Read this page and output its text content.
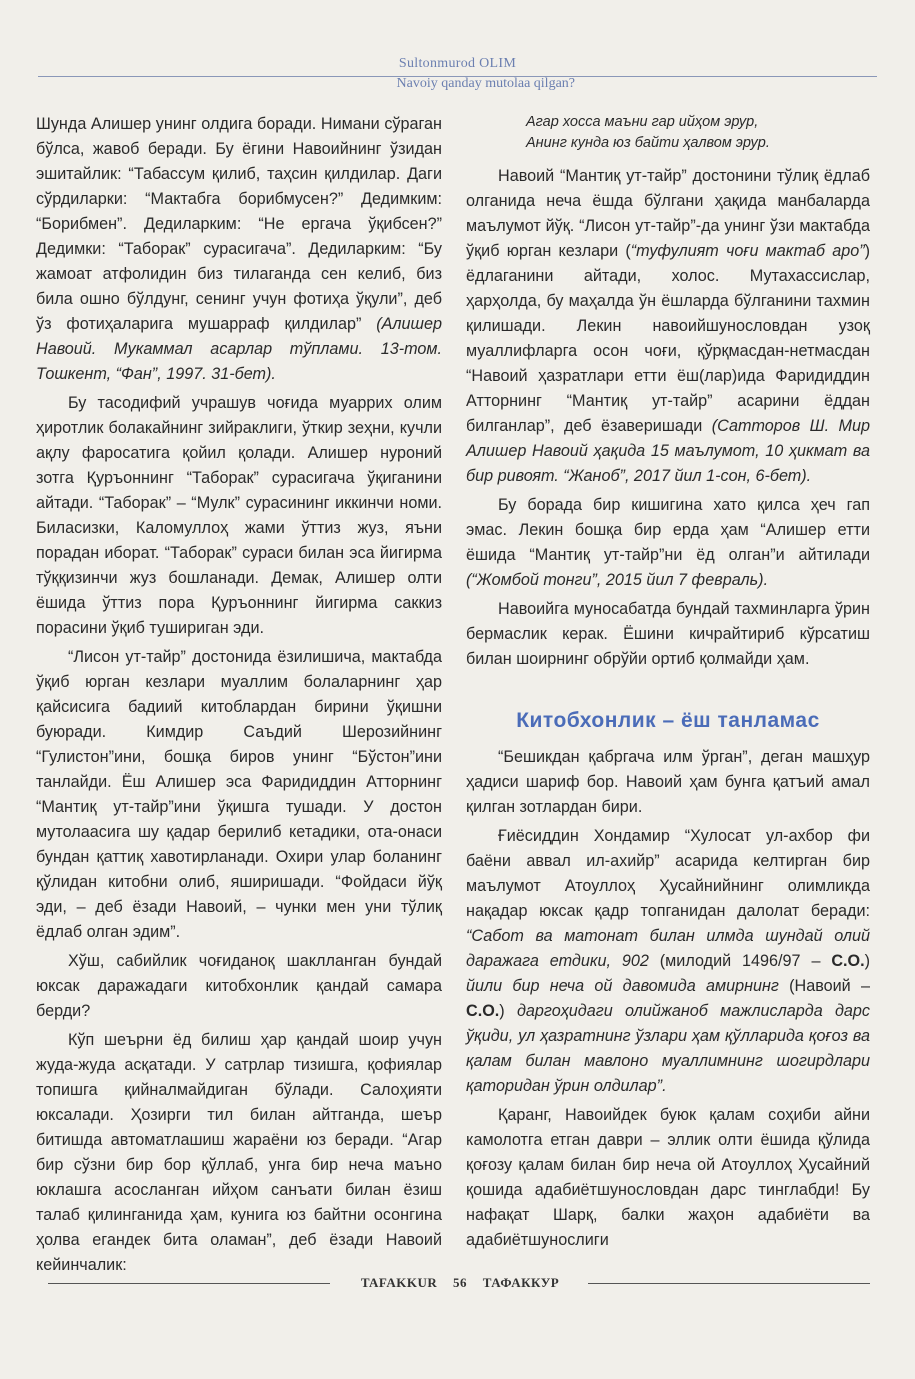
Sultonmurod OLIM
Navoiy qanday mutolaa qilgan?

Шунда Алишер унинг олдига боради. Нимани сўраган бўлса, жавоб беради. Бу ёгини Навоийнинг ўзидан эшитайлик: “Табассум қилиб, таҳсин қилдилар. Даги сўрдиларки: “Мактабга борибмусен?” Дедимким: “Борибмен”. Дедиларким: “Не ергача ўқибсен?” Дедимки: “Таборак” сурасигача”. Дедиларким: “Бу жамоат атфолидин биз тилаганда сен келиб, биз била ошно бўлдунг, сенинг учун фотиҳа ўқули”, деб ўз фотиҳаларига мушарраф қилдилар” (Алишер Навоий. Мукаммал асарлар тўплами. 13-том. Тошкент, “Фан”, 1997. 31-бет).

Бу тасодифий учрашув чоғида муаррих олим ҳиротлик болакайнинг зийраклиги, ўткир зеҳни, кучли ақлу фаросатига қойил қолади. Алишер нуроний зотга Қуръоннинг “Таборак” сурасигача ўқиганини айтади. “Таборак” – “Мулк” сурасининг иккинчи номи. Биласизки, Каломуллоҳ жами ўттиз жуз, яъни порадан иборат. “Таборак” сураси билан эса йигирма тўққизинчи жуз бошланади. Демак, Алишер олти ёшида ўттиз пора Қуръоннинг йигирма саккиз порасини ўқиб тушириган эди.

“Лисон ут-тайр” достонида ёзилишича, мактабда ўқиб юрган кезлари муаллим болаларнинг ҳар қайсисига бадиий китоблардан бирини ўқишни буюради. Кимдир Саъдий Шерозийнинг “Гулистон”ини, бошқа биров унинг “Бўстон”ини танлайди. Ёш Алишер эса Фаридиддин Атторнинг “Мантиқ ут-тайр”ини ўқишга тушади. У достон мутолаасига шу қадар берилиб кетадики, ота-онаси бундан қаттиқ хавотирланади. Охири улар боланинг қўлидан китобни олиб, яширишади. “Фойдаси йўқ эди, – деб ёзади Навоий, – чунки мен уни тўлиқ ёдлаб олган эдим”.

Хўш, сабийлик чоғиданоқ шаклланган бундай юксак даражадаги китобхонлик қандай самара берди?

Кўп шеърни ёд билиш ҳар қандай шоир учун жуда-жуда асқатади. У сатрлар тизишга, қофиялар топишга қийналмайдиган бўлади. Салоҳияти юксалади. Ҳозирги тил билан айтганда, шеър битишда автоматлашиш жараёни юз беради. “Агар бир сўзни бир бор қўллаб, унга бир неча маъно юклашга асосланган ийҳом санъати билан ёзиш талаб қилинганида ҳам, кунига юз байтни осонгина ҳолва егандек бита оламан”, деб ёзади Навоий кейинчалик:

Агар хосса маъни гар ийҳом эрур,
Анинг кунда юз байти ҳалвом эрур.

Навоий “Мантиқ ут-тайр” достонини тўлиқ ёдлаб олганида неча ёшда бўлгани ҳақида манбаларда маълумот йўқ. “Лисон ут-тайр”-да унинг ўзи мактабда ўқиб юрган кезлари (“туфулият чоғи мактаб аро”) ёдлаганини айтади, холос. Мутахассислар, ҳарҳолда, бу маҳалда ўн ёшларда бўлганини тахмин қилишади. Лекин навоийшунословдан узоқ муаллифларга осон чоғи, қўрқмасдан-нетмасдан “Навоий ҳазратлари етти ёш(лар)ида Фаридиддин Атторнинг “Мантиқ ут-тайр” асарини ёддан билганлар”, деб ёзаверишади (Сатторов Ш. Мир Алишер Навоий ҳақида 15 маълумот, 10 ҳикмат ва бир ривоят. “Жаноб”, 2017 йил 1-сон, 6-бет).

Бу борада бир кишигина хато қилса ҳеч гап эмас. Лекин бошқа бир ерда ҳам “Алишер етти ёшида “Мантиқ ут-тайр”ни ёд олган”и айтилади (“Жомбой тонги”, 2015 йил 7 февраль).

Навоийга муносабатда бундай тахминларга ўрин бермаслик керак. Ёшини кичрайтириб кўрсатиш билан шоирнинг обрўйи ортиб қолмайди ҳам.

Китобхонлик – ёш танламас

“Бешикдан қабргача илм ўрган”, деган машҳур ҳадиси шариф бор. Навоий ҳам бунга қатъий амал қилган зотлардан бири.

Ғиёсиддин Хондамир “Хулосат ул-ахбор фи баёни аввал ил-ахийр” асарида келтирган бир маълумот Атоуллоҳ Ҳусайнийнинг олимликда нақадар юксак қадр топганидан далолат беради: “Сабот ва матонат билан илмда шундай олий даражага етдики, 902 (милодий 1496/97 – С.О.) йили бир неча ой давомида амирнинг (Навоий – С.О.) даргоҳидаги олийжаноб мажлисларда дарс ўқиди, ул ҳазратнинг ўзлари ҳам қўлларида қоғоз ва қалам билан мавлоно муаллимнинг шогирдлари қаторидан ўрин олдилар”.

Қаранг, Навоийдек буюк қалам соҳиби айни камолотга етган даври – эллик олти ёшида қўлида қоғозу қалам билан бир неча ой Атоуллоҳ Ҳусайний қошида адабиётшунословдан дарс тинглабди! Бу нафақат Шарқ, балки жаҳон адабиёти ва адабиётшунослиги

TAFAKKUR 56 ТАФАККУР
